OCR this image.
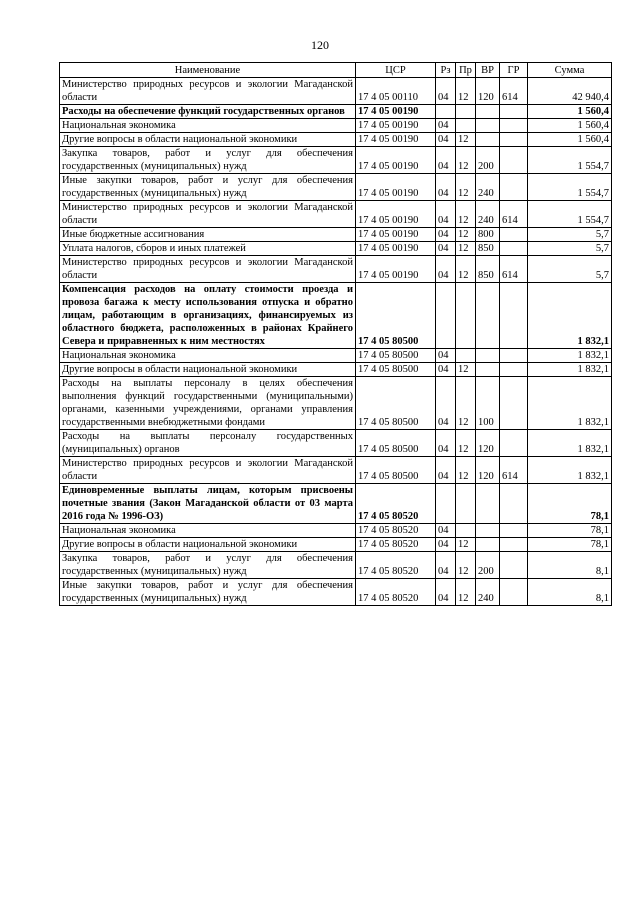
120
Наименование	ЦСР	Рз	Пр	ВР	ГР	Сумма
Министерство природных ресурсов и экологии Магаданской области	17 4 05 00110	04	12	120	614	42 940,4
Расходы на обеспечение функций государственных органов	17 4 05 00190					1 560,4
Национальная экономика	17 4 05 00190	04				1 560,4
Другие вопросы в области национальной экономики	17 4 05 00190	04	12			1 560,4
Закупка товаров, работ и услуг для обеспечения государственных (муниципальных) нужд	17 4 05 00190	04	12	200		1 554,7
Иные закупки товаров, работ и услуг для обеспечения государственных (муниципальных) нужд	17 4 05 00190	04	12	240		1 554,7
Министерство природных ресурсов и экологии Магаданской области	17 4 05 00190	04	12	240	614	1 554,7
Иные бюджетные ассигнования	17 4 05 00190	04	12	800		5,7
Уплата налогов, сборов и иных платежей	17 4 05 00190	04	12	850		5,7
Министерство природных ресурсов и экологии Магаданской области	17 4 05 00190	04	12	850	614	5,7
Компенсация расходов на оплату стоимости проезда и провоза багажа к месту использования отпуска и обратно лицам, работающим в организациях, финансируемых из областного бюджета, расположенных в районах Крайнего Севера и приравненных к ним местностях	17 4 05 80500					1 832,1
Национальная экономика	17 4 05 80500	04				1 832,1
Другие вопросы в области национальной экономики	17 4 05 80500	04	12			1 832,1
Расходы на выплаты персоналу в целях обеспечения выполнения функций государственными (муниципальными) органами, казенными учреждениями, органами управления государственными внебюджетными фондами	17 4 05 80500	04	12	100		1 832,1
Расходы на выплаты персоналу государственных (муниципальных) органов	17 4 05 80500	04	12	120		1 832,1
Министерство природных ресурсов и экологии Магаданской области	17 4 05 80500	04	12	120	614	1 832,1
Единовременные выплаты лицам, которым присвоены почетные звания (Закон Магаданской области от 03 марта 2016 года № 1996-ОЗ)	17 4 05 80520					78,1
Национальная экономика	17 4 05 80520	04				78,1
Другие вопросы в области национальной экономики	17 4 05 80520	04	12			78,1
Закупка товаров, работ и услуг для обеспечения государственных (муниципальных) нужд	17 4 05 80520	04	12	200		8,1
Иные закупки товаров, работ и услуг для обеспечения государственных (муниципальных) нужд	17 4 05 80520	04	12	240		8,1
